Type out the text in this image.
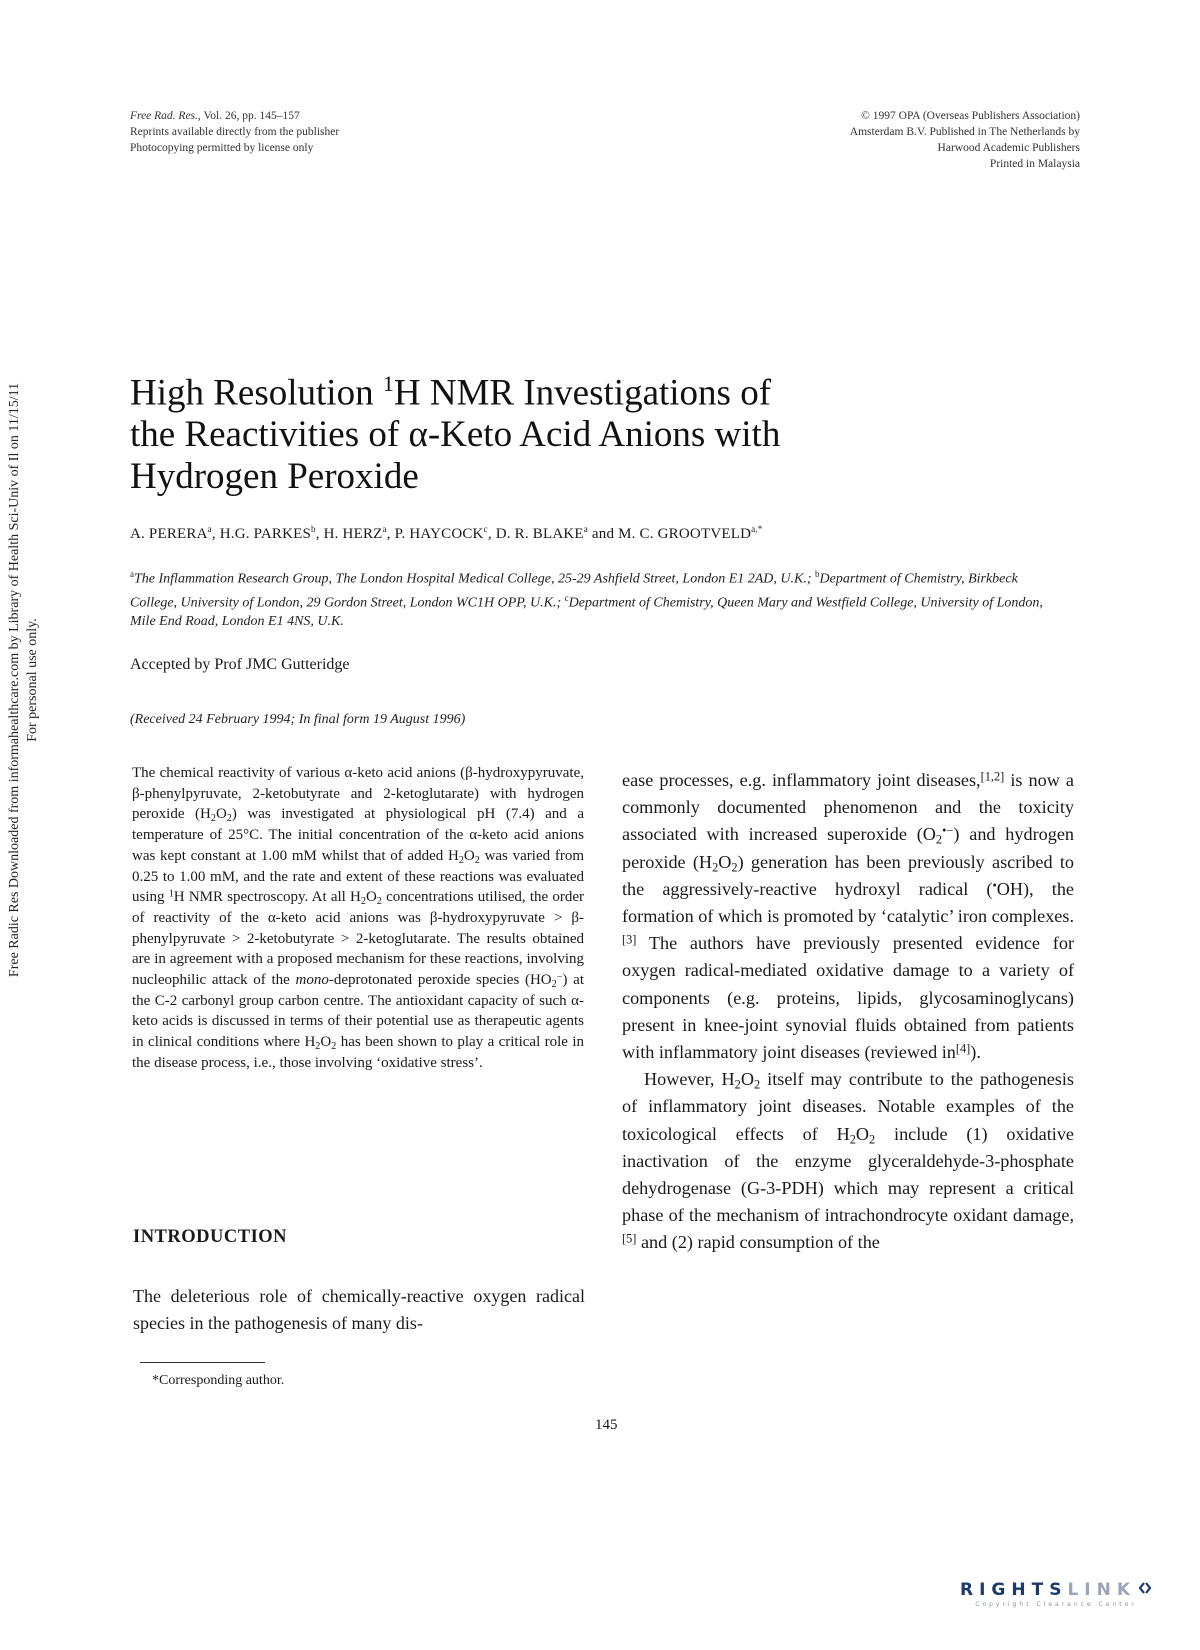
Free Rad. Res., Vol. 26, pp. 145–157
Reprints available directly from the publisher
Photocopying permitted by license only
© 1997 OPA (Overseas Publishers Association)
Amsterdam B.V. Published in The Netherlands by
Harwood Academic Publishers
Printed in Malaysia
Free Radic Res Downloaded from informahealthcare.com by Library of Health Sci-Univ of Il on 11/15/11 For personal use only.
High Resolution $^1$H NMR Investigations of
the Reactivities of α-Keto Acid Anions with
Hydrogen Peroxide
A. PERERA$^a$, H.G. PARKES$^b$, H. HERZ$^a$, P. HAYCOCK$^c$, D. R. BLAKE$^a$ and M. C. $GROOTVELD^{a,*}$
$^a$The Inflammation Research Group, The London Hospital Medical College, 25-29 Ashfield Street, London E1 2AD, U.K.; $^b$Department of Chemistry, Birkbeck College, University of London, 29 Gordon Street, London WC1H OPP, U.K.; $^c$Department of Chemistry, Queen Mary and Westfield College, University of London, Mile End Road, London E1 4NS, U.K.
Accepted by Prof JMC Gutteridge
(Received 24 February 1994; In final form 19 August 1996)
The chemical reactivity of various α-keto acid anions (β-hydroxypyruvate, β-phenylpyruvate, 2-ketobutyrate and 2-ketoglutarate) with hydrogen peroxide $(H_2O_2)$ was investigated at physiological pH (7.4) and a temperature of 25°C. The initial concentration of the α-keto acid anions was kept constant at 1.00 mM whilst that of added $H_2O_2$ was varied from 0.25 to 1.00 mM, and the rate and extent of these reactions was evaluated using $^1$H NMR spectroscopy. At all $H_2O_2$ concentrations utilised, the order of reactivity of the α-keto acid anions was β-hydroxypyruvate > β-phenylpyruvate > 2-ketobutyrate > 2-ketoglutarate. The results obtained are in agreement with a proposed mechanism for these reactions, involving nucleophilic attack of the mono-deprotonated peroxide species $(HO_2^-)$ at the C-2 carbonyl group carbon centre. The antioxidant capacity of such α-keto acids is discussed in terms of their potential use as therapeutic agents in clinical conditions where $H_2O_2$ has been shown to play a critical role in the disease process, i.e., those involving ‘oxidative stress’.
INTRODUCTION
The deleterious role of chemically-reactive oxygen radical species in the pathogenesis of many dis-

ease processes, e.g. inflammatory joint diseases,[1,2] is now a commonly documented phenomenon and the toxicity associated with increased superoxide $(O_2^{•-})$ and hydrogen peroxide $(H_2O_2)$ generation has been previously ascribed to the aggressively-reactive hydroxyl radical (•OH), the formation of which is promoted by ‘catalytic’ iron complexes.[3] The authors have previously presented evidence for oxygen radical-mediated oxidative damage to a variety of components (e.g. proteins, lipids, glycosaminoglycans) present in knee-joint synovial fluids obtained from patients with inflammatory joint diseases (reviewed in[4]).

However, $H_2O_2$ itself may contribute to the pathogenesis of inflammatory joint diseases. Notable examples of the toxicological effects of $H_2O_2$ include (1) oxidative inactivation of the enzyme glyceraldehyde-3-phosphate dehydrogenase (G-3-PDH) which may represent a critical phase of the mechanism of intrachondrocyte oxidant damage,[5] and (2) rapid consumption of the

*Corresponding author.
145
RIGHTSLINK
Copyright Clearance Center
